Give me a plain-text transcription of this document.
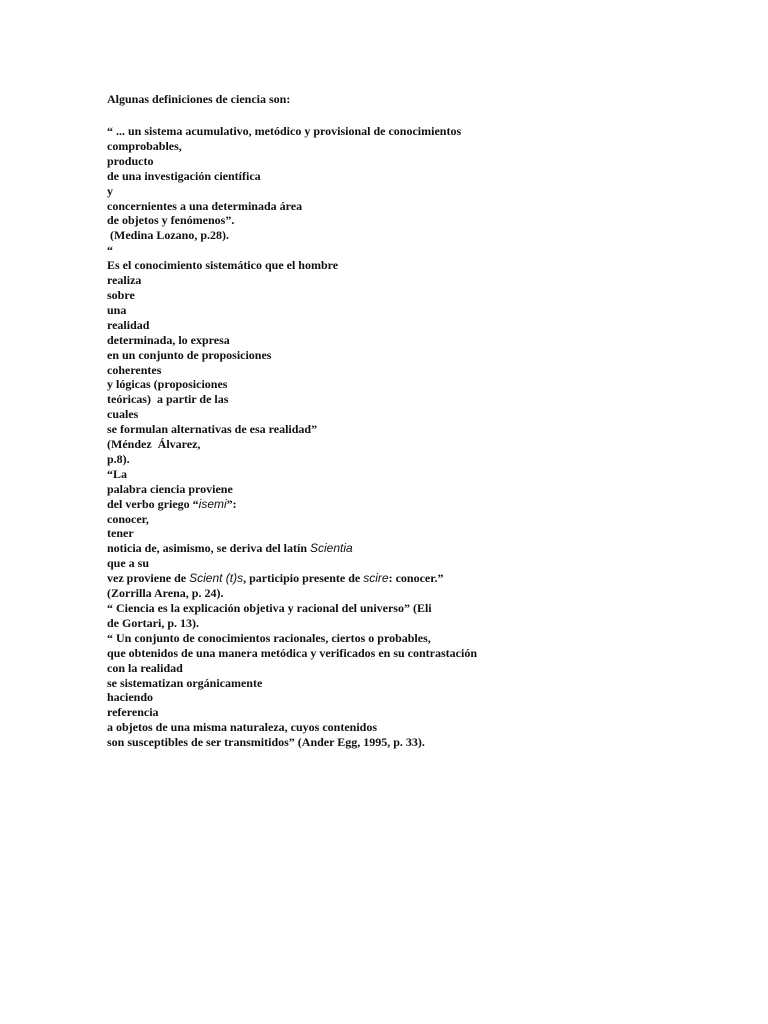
Algunas definiciones de ciencia son:
“ ... un sistema acumulativo, metódico y provisional de conocimientos
comprobables,
producto
de una investigación científica
y
concernientes a una determinada área
de objetos y fenómenos”.
(Medina Lozano, p.28).
“
Es el conocimiento sistemático que el hombre
realiza
sobre
una
realidad
determinada, lo expresa
en un conjunto de proposiciones
coherentes
y lógicas (proposiciones
teóricas)  a partir de las
cuales
se formulan alternativas de esa realidad”
(Méndez  Álvarez,
p.8).
“La
palabra ciencia proviene
del verbo griego “isemi”:
conocer,
tener
noticia de, asimismo, se deriva del latín Scientia
que a su
vez proviene de Scient (t)s, participio presente de scire: conocer.”
(Zorrilla Arena, p. 24).
“ Ciencia es la explicación objetiva y racional del universo” (Eli
de Gortari, p. 13).
“ Un conjunto de conocimientos racionales, ciertos o probables,
que obtenidos de una manera metódica y verificados en su contrastación
con la realidad
se sistematizan orgánicamente
haciendo
referencia
a objetos de una misma naturaleza, cuyos contenidos
son susceptibles de ser transmitidos” (Ander Egg, 1995, p. 33).
